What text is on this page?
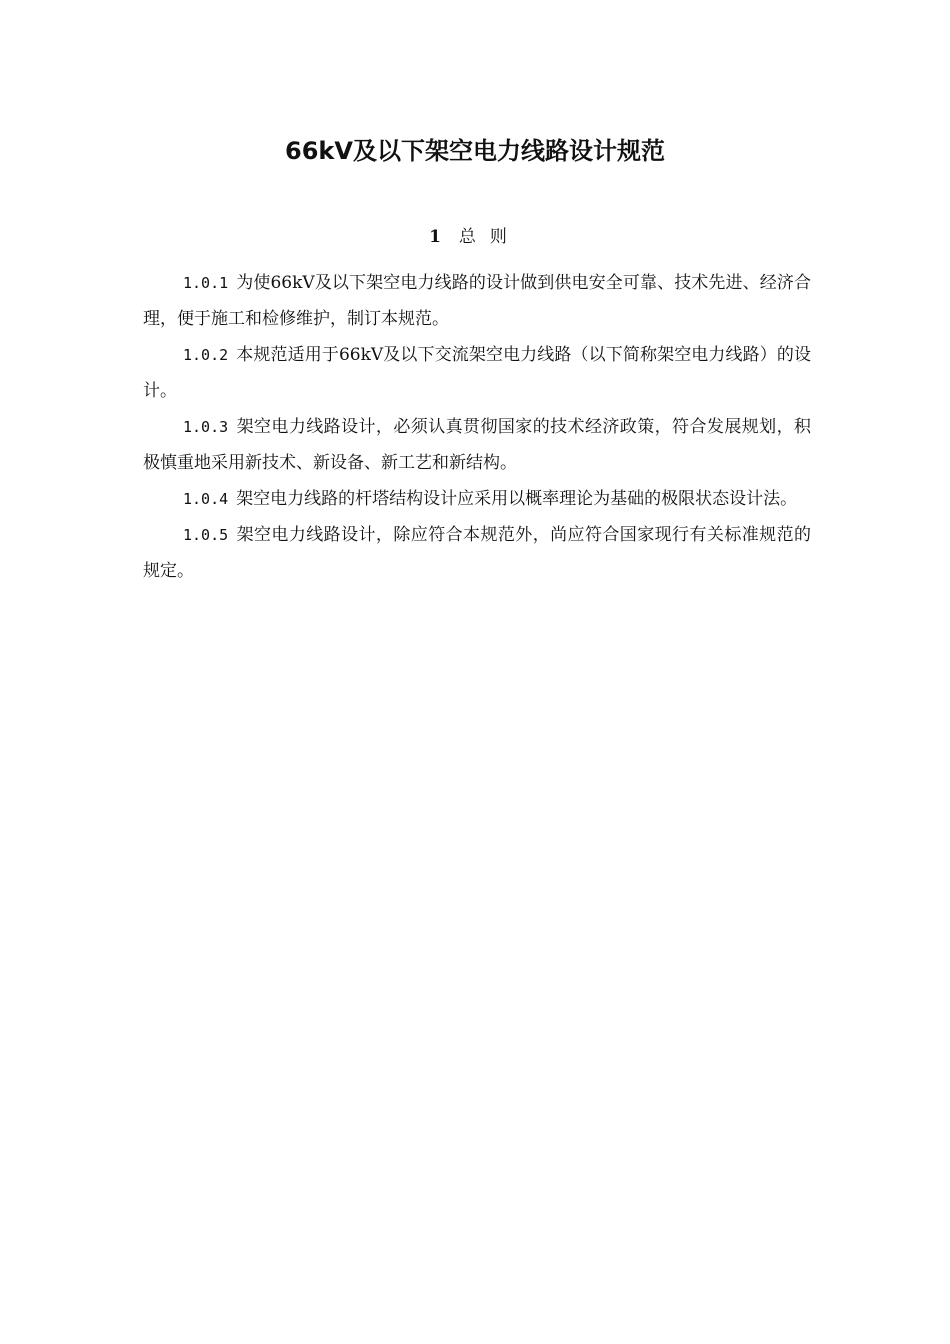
66kV及以下架空电力线路设计规范
1 总则

1.0.1 为使66kV及以下架空电力线路的设计做到供电安全可靠、技术先进、经济合理，便于施工和检修维护，制订本规范。

1.0.2 本规范适用于66kV及以下交流架空电力线路（以下简称架空电力线路）的设计。

1.0.3 架空电力线路设计，必须认真贯彻国家的技术经济政策，符合发展规划，积极慎重地采用新技术、新设备、新工艺和新结构。

1.0.4 架空电力线路的杆塔结构设计应采用以概率理论为基础的极限状态设计法。

1.0.5 架空电力线路设计，除应符合本规范外，尚应符合国家现行有关标准规范的规定。
